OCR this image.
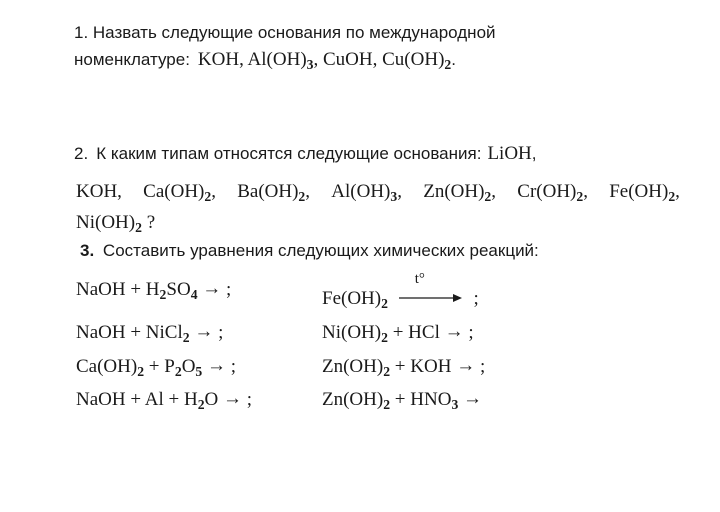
1. Назвать следующие основания по международной
номенклатуре: KOH, $Al(OH)_3$, CuOH, $Cu(OH)_2$.
2. К каким типам относятся следующие основания: LiOH,
KOH, $Ca(OH)_2$, $Ba(OH)_2$, $Al(OH)_3$, $Zn(OH)_2$, $Cr(OH)_2$, $Fe(OH)_2$,
$Ni(OH)_2$ ?
3. Составить уравнения следующих химических реакций:
NaOH + $H_2SO_4$ → ;
NaOH + NiCl$_2$ → ;
$Ca(OH)_2 + P_2O_5$ → ;
NaOH + $Al + H_2O$ → ;
$Fe(OH)_2$
t°
;
$Ni(OH)_2$ + HCl → ;
$Zn(OH)_2$ + KOH → ;
$Zn(OH)_2 + HNO_3$ →
